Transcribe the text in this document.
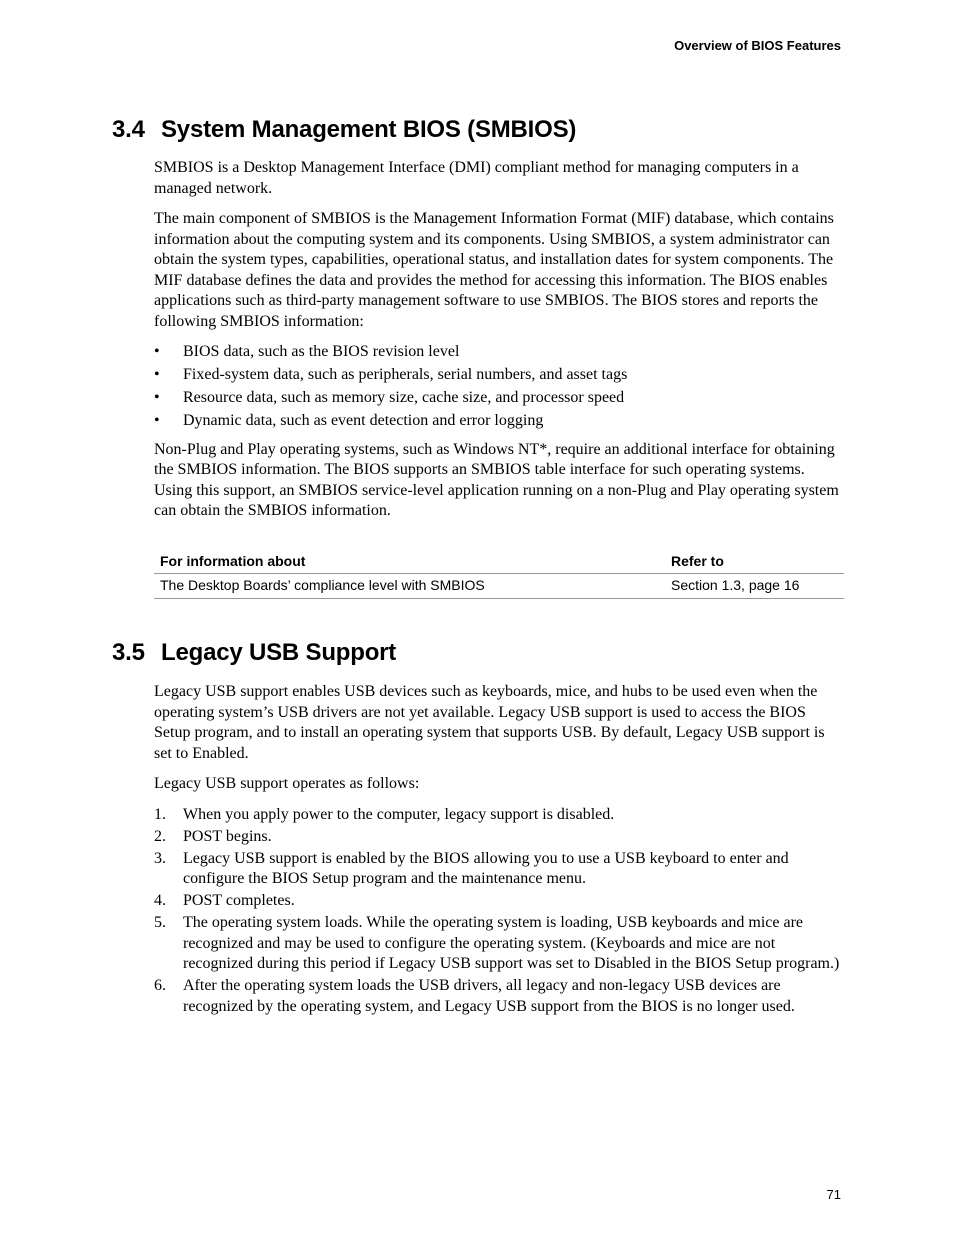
Overview of BIOS Features
3.4 System Management BIOS (SMBIOS)

SMBIOS is a Desktop Management Interface (DMI) compliant method for managing computers in a managed network.

The main component of SMBIOS is the Management Information Format (MIF) database, which contains information about the computing system and its components. Using SMBIOS, a system administrator can obtain the system types, capabilities, operational status, and installation dates for system components. The MIF database defines the data and provides the method for accessing this information. The BIOS enables applications such as third-party management software to use SMBIOS. The BIOS stores and reports the following SMBIOS information:

• BIOS data, such as the BIOS revision level
• Fixed-system data, such as peripherals, serial numbers, and asset tags
• Resource data, such as memory size, cache size, and processor speed
• Dynamic data, such as event detection and error logging

Non-Plug and Play operating systems, such as Windows NT*, require an additional interface for obtaining the SMBIOS information. The BIOS supports an SMBIOS table interface for such operating systems. Using this support, an SMBIOS service-level application running on a non-Plug and Play operating system can obtain the SMBIOS information.

For information about	Refer to
The Desktop Boards’ compliance level with SMBIOS	Section 1.3, page 16
3.5 Legacy USB Support

Legacy USB support enables USB devices such as keyboards, mice, and hubs to be used even when the operating system’s USB drivers are not yet available. Legacy USB support is used to access the BIOS Setup program, and to install an operating system that supports USB. By default, Legacy USB support is set to Enabled.

Legacy USB support operates as follows:

1. When you apply power to the computer, legacy support is disabled.
2. POST begins.
3. Legacy USB support is enabled by the BIOS allowing you to use a USB keyboard to enter and configure the BIOS Setup program and the maintenance menu.
4. POST completes.
5. The operating system loads. While the operating system is loading, USB keyboards and mice are recognized and may be used to configure the operating system. (Keyboards and mice are not recognized during this period if Legacy USB support was set to Disabled in the BIOS Setup program.)
6. After the operating system loads the USB drivers, all legacy and non-legacy USB devices are recognized by the operating system, and Legacy USB support from the BIOS is no longer used.
71
